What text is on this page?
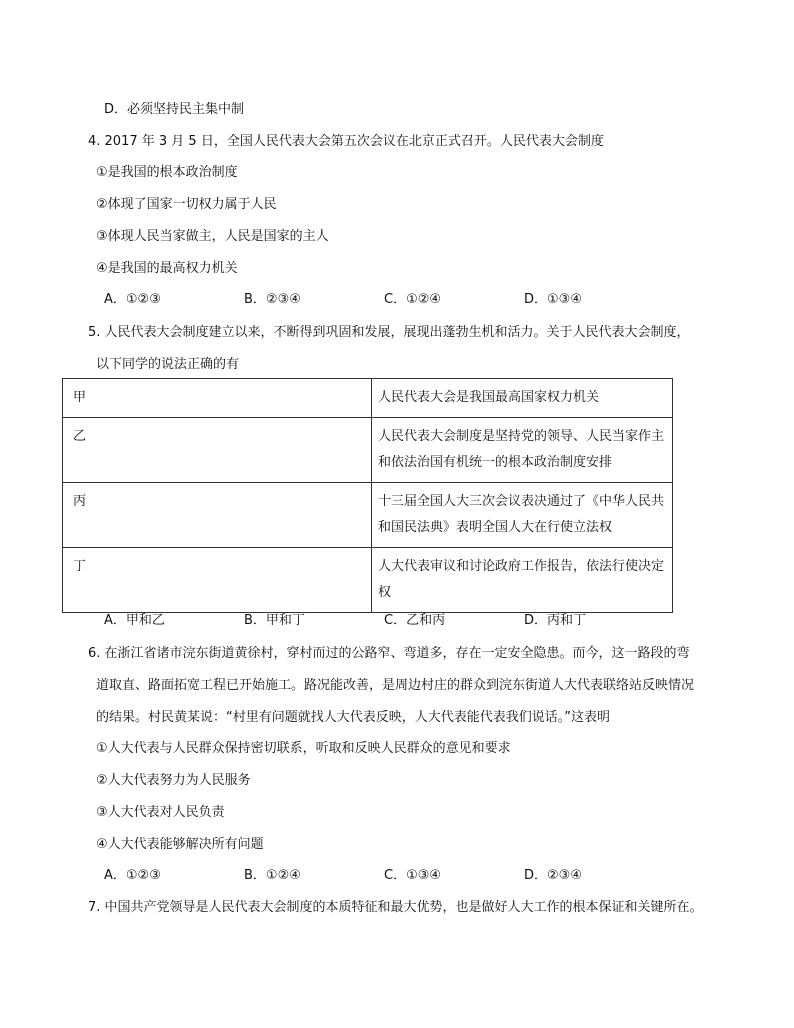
D．必须坚持民主集中制
4. 2017 年 3 月 5 日，全国人民代表大会第五次会议在北京正式召开。人民代表大会制度
①是我国的根本政治制度
②体现了国家一切权力属于人民
③体现人民当家做主，人民是国家的主人
④是我国的最高权力机关
A．①②③	B．②③④	C．①②④	D．①③④
5. 人民代表大会制度建立以来，不断得到巩固和发展，展现出蓬勃生机和活力。关于人民代表大会制度，
以下同学的说法正确的有
甲	人民代表大会是我国最高国家权力机关
乙	人民代表大会制度是坚持党的领导、人民当家作主和依法治国有机统一的根本政治制度安排
丙	十三届全国人大三次会议表决通过了《中华人民共和国民法典》表明全国人大在行使立法权
丁	人大代表审议和讨论政府工作报告，依法行使决定权
A．甲和乙	B．甲和丁	C．乙和丙	D．丙和丁
6. 在浙江省诸市浣东街道黄徐村，穿村而过的公路窄、弯道多，存在一定安全隐患。而今，这一路段的弯
道取直、路面拓宽工程已开始施工。路况能改善，是周边村庄的群众到浣东街道人大代表联络站反映情况
的结果。村民黄某说：“村里有问题就找人大代表反映，人大代表能代表我们说话。”这表明
①人大代表与人民群众保持密切联系，听取和反映人民群众的意见和要求
②人大代表努力为人民服务
③人大代表对人民负责
④人大代表能够解决所有问题
A．①②③	B．①②④	C．①③④	D．②③④
7. 中国共产党领导是人民代表大会制度的本质特征和最大优势，也是做好人大工作的根本保证和关键所在。
